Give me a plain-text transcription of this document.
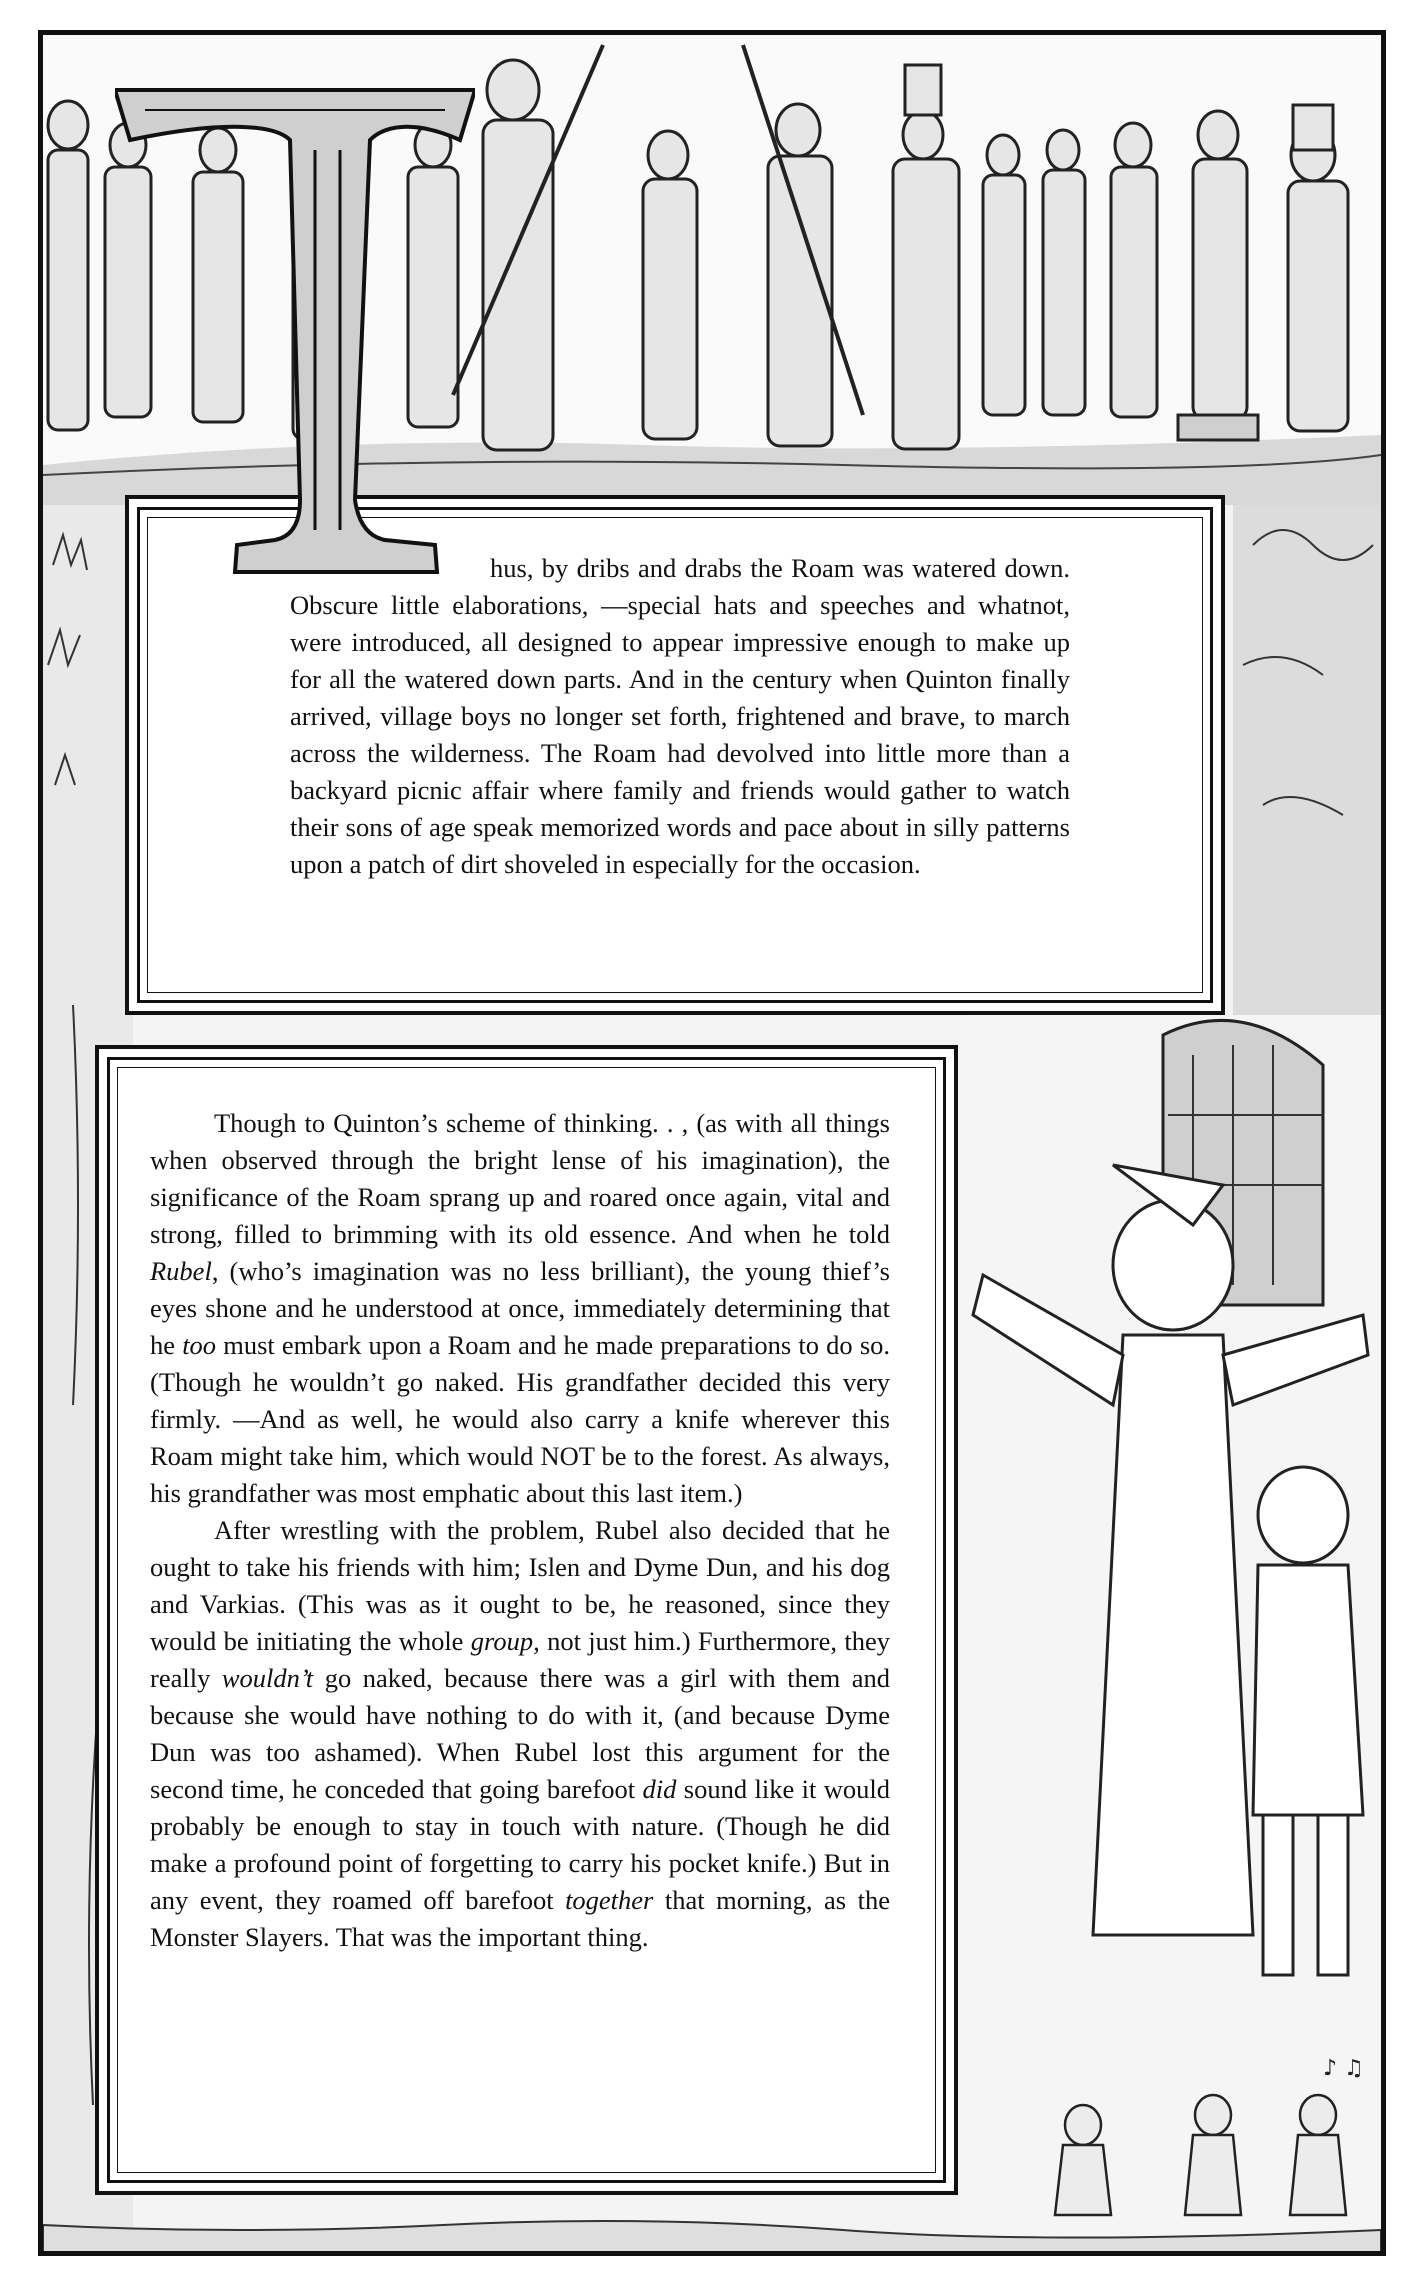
♪ ♫
hus, by dribs and drabs the Roam was watered down. Obscure little elaborations, —special hats and speeches and whatnot, were introduced, all designed to appear impressive enough to make up for all the watered down parts. And in the century when Quinton finally arrived, village boys no longer set forth, frightened and brave, to march across the wilderness. The Roam had devolved into little more than a backyard picnic affair where family and friends would gather to watch their sons of age speak memorized words and pace about in silly patterns upon a patch of dirt shoveled in especially for the occasion.

Though to Quinton’s scheme of thinking. . , (as with all things when observed through the bright lense of his imagination), the significance of the Roam sprang up and roared once again, vital and strong, filled to brimming with its old essence. And when he told Rubel, (who’s imagination was no less brilliant), the young thief’s eyes shone and he understood at once, immediately determining that he too must embark upon a Roam and he made preparations to do so. (Though he wouldn’t go naked. His grandfather decided this very firmly. —And as well, he would also carry a knife wherever this Roam might take him, which would NOT be to the forest. As always, his grandfather was most emphatic about this last item.)

After wrestling with the problem, Rubel also decided that he ought to take his friends with him; Islen and Dyme Dun, and his dog and Varkias. (This was as it ought to be, he reasoned, since they would be initiating the whole group, not just him.) Furthermore, they really wouldn’t go naked, because there was a girl with them and because she would have nothing to do with it, (and because Dyme Dun was too ashamed). When Rubel lost this argument for the second time, he conceded that going barefoot did sound like it would probably be enough to stay in touch with nature. (Though he did make a profound point of forgetting to carry his pocket knife.) But in any event, they roamed off barefoot together that morning, as the Monster Slayers. That was the important thing.
